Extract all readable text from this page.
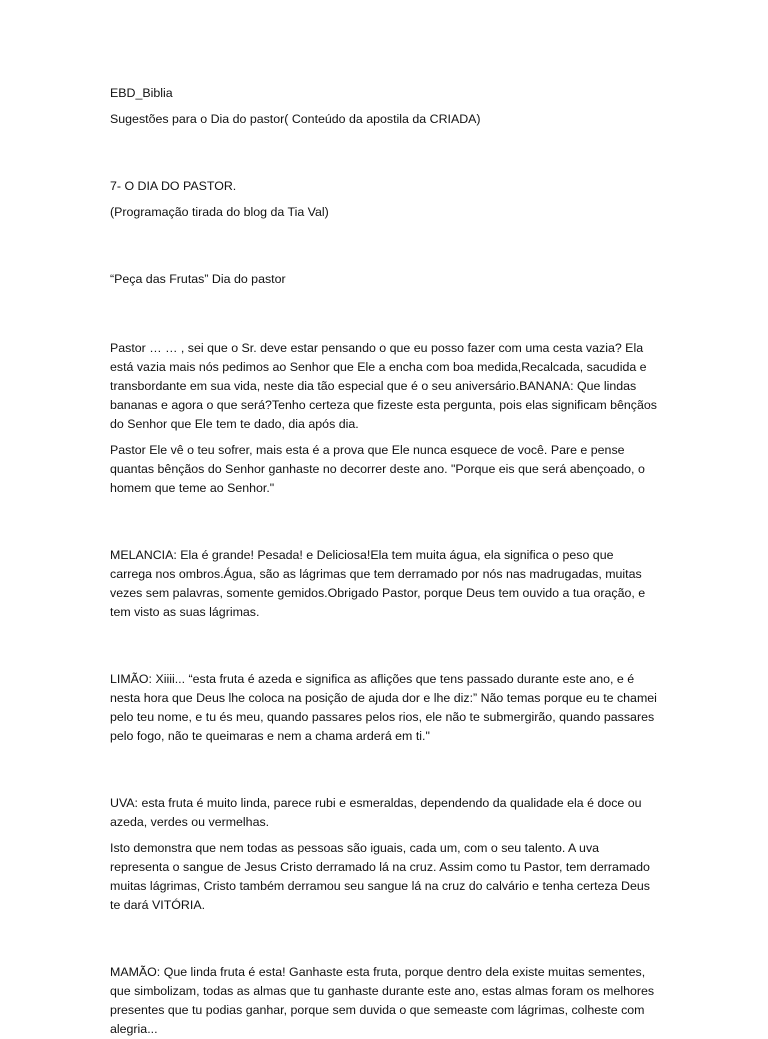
EBD_Biblia

Sugestões para o Dia do pastor( Conteúdo da apostila da CRIADA)

7- O DIA DO PASTOR.

(Programação tirada do blog da Tia Val)

“Peça das Frutas” Dia do pastor

Pastor … … , sei que o Sr. deve estar pensando o que eu posso fazer com uma cesta vazia? Ela está vazia mais nós pedimos ao Senhor que Ele a encha com boa medida,Recalcada, sacudida e transbordante em sua vida, neste dia tão especial que é o seu aniversário.BANANA: Que lindas bananas e agora o que será?Tenho certeza que fizeste esta pergunta, pois elas significam bênçãos do Senhor que Ele tem te dado, dia após dia.

Pastor Ele vê o teu sofrer, mais esta é a prova que Ele nunca esquece de você. Pare e pense quantas bênçãos do Senhor ganhaste no decorrer deste ano. "Porque eis que será abençoado, o homem que teme ao Senhor."

MELANCIA: Ela é grande! Pesada! e Deliciosa!Ela tem muita água, ela significa o peso que carrega nos ombros.Água, são as lágrimas que tem derramado por nós nas madrugadas, muitas vezes sem palavras, somente gemidos.Obrigado Pastor, porque Deus tem ouvido a tua oração, e tem visto as suas lágrimas.

LIMÃO: Xiiii... “esta fruta é azeda e significa as aflições que tens passado durante este ano, e é nesta hora que Deus lhe coloca na posição de ajuda dor e lhe diz:” Não temas porque eu te chamei pelo teu nome, e tu és meu, quando passares pelos rios, ele não te submergirão, quando passares pelo fogo, não te queimaras e nem a chama arderá em ti."

UVA: esta fruta é muito linda, parece rubi e esmeraldas, dependendo da qualidade ela é doce ou azeda, verdes ou vermelhas.

Isto demonstra que nem todas as pessoas são iguais, cada um, com o seu talento. A uva representa o sangue de Jesus Cristo derramado lá na cruz. Assim como tu Pastor, tem derramado muitas lágrimas, Cristo também derramou seu sangue lá na cruz do calvário e tenha certeza Deus te dará VITÓRIA.

MAMÃO: Que linda fruta é esta! Ganhaste esta fruta, porque dentro dela existe muitas sementes, que simbolizam, todas as almas que tu ganhaste durante este ano, estas almas foram os melhores presentes que tu podias ganhar, porque sem duvida o que semeaste com lágrimas, colheste com alegria...
